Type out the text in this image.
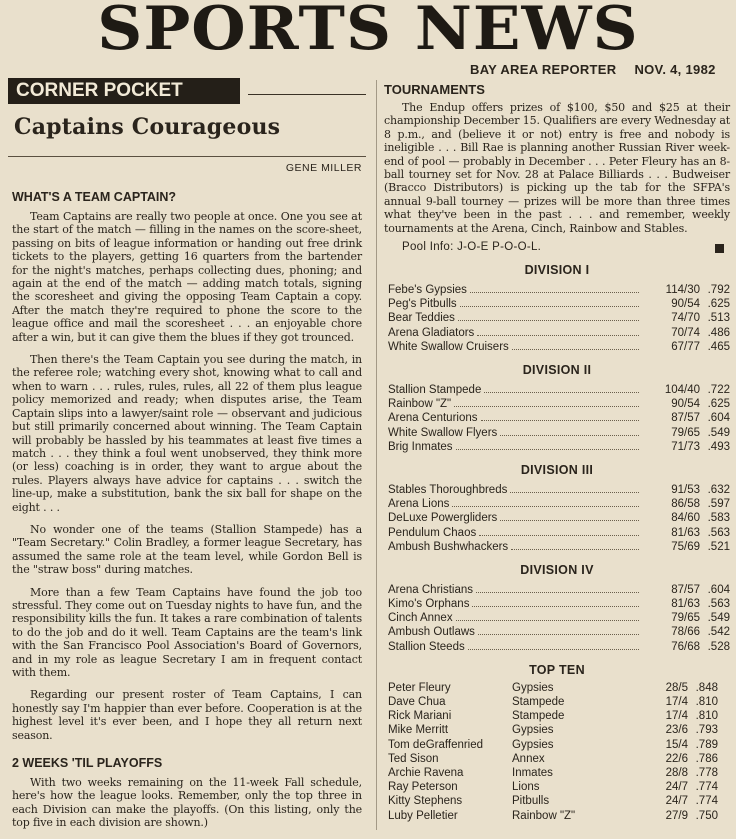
SPORTS NEWS
BAY AREA REPORTER NOV. 4, 1982
CORNER POCKET
Captains Courageous
GENE MILLER
WHAT'S A TEAM CAPTAIN?

Team Captains are really two people at once. One you see at the start of the match — filling in the names on the score-sheet, passing on bits of league information or handing out free drink tickets to the players, getting 16 quarters from the bartender for the night's matches, perhaps collecting dues, phoning; and again at the end of the match — adding match totals, signing the scoresheet and giving the opposing Team Captain a copy. After the match they're required to phone the score to the league office and mail the scoresheet . . . an enjoyable chore after a win, but it can give them the blues if they got trounced.

Then there's the Team Captain you see during the match, in the referee role; watching every shot, knowing what to call and when to warn . . . rules, rules, rules, all 22 of them plus league policy memorized and ready; when disputes arise, the Team Captain slips into a lawyer/saint role — observant and judicious but still primarily concerned about winning. The Team Captain will probably be hassled by his teammates at least five times a match . . . they think a foul went unobserved, they think more (or less) coaching is in order, they want to argue about the rules. Players always have advice for captains . . . switch the line-up, make a substitution, bank the six ball for shape on the eight . . .

No wonder one of the teams (Stallion Stampede) has a "Team Secretary." Colin Bradley, a former league Secretary, has assumed the same role at the team level, while Gordon Bell is the "straw boss" during matches.

More than a few Team Captains have found the job too stressful. They come out on Tuesday nights to have fun, and the responsibility kills the fun. It takes a rare combination of talents to do the job and do it well. Team Captains are the team's link with the San Francisco Pool Association's Board of Governors, and in my role as league Secretary I am in frequent contact with them.

Regarding our present roster of Team Captains, I can honestly say I'm happier than ever before. Cooperation is at the highest level it's ever been, and I hope they all return next season.

2 WEEKS 'TIL PLAYOFFS

With two weeks remaining on the 11-week Fall schedule, here's how the league looks. Remember, only the top three in each Division can make the playoffs. (On this listing, only the top five in each division are shown.)

TOURNAMENTS

The Endup offers prizes of $100, $50 and $25 at their championship December 15. Qualifiers are every Wednesday at 8 p.m., and (believe it or not) entry is free and nobody is ineligible . . . Bill Rae is planning another Russian River week-end of pool — probably in December . . . Peter Fleury has an 8-ball tourney set for Nov. 28 at Palace Billiards . . . Budweiser (Bracco Distributors) is picking up the tab for the SFPA's annual 9-ball tourney — prizes will be more than three times what they've been in the past . . . and remember, weekly tournaments at the Arena, Cinch, Rainbow and Stables.

Pool Info: J-O-E P-O-O-L.
DIVISION I
Febe's Gypsies	114/30 .792
Peg's Pitbulls	90/54 .625
Bear Teddies	74/70 .513
Arena Gladiators	70/74 .486
White Swallow Cruisers	67/77 .465
DIVISION II
Stallion Stampede	104/40 .722
Rainbow "Z"	90/54 .625
Arena Centurions	87/57 .604
White Swallow Flyers	79/65 .549
Brig Inmates	71/73 .493
DIVISION III
Stables Thoroughbreds	91/53 .632
Arena Lions	86/58 .597
DeLuxe Powergliders	84/60 .583
Pendulum Chaos	81/63 .563
Ambush Bushwhackers	75/69 .521
DIVISION IV
Arena Christians	87/57 .604
Kimo's Orphans	81/63 .563
Cinch Annex	79/65 .549
Ambush Outlaws	78/66 .542
Stallion Steeds	76/68 .528
TOP TEN
Peter Fleury	Gypsies	28/5 .848
Dave Chua	Stampede	17/4 .810
Rick Mariani	Stampede	17/4 .810
Mike Merritt	Gypsies	23/6 .793
Tom deGraffenried	Gypsies	15/4 .789
Ted Sison	Annex	22/6 .786
Archie Ravena	Inmates	28/8 .778
Ray Peterson	Lions	24/7 .774
Kitty Stephens	Pitbulls	24/7 .774
Luby Pelletier	Rainbow "Z"	27/9 .750
